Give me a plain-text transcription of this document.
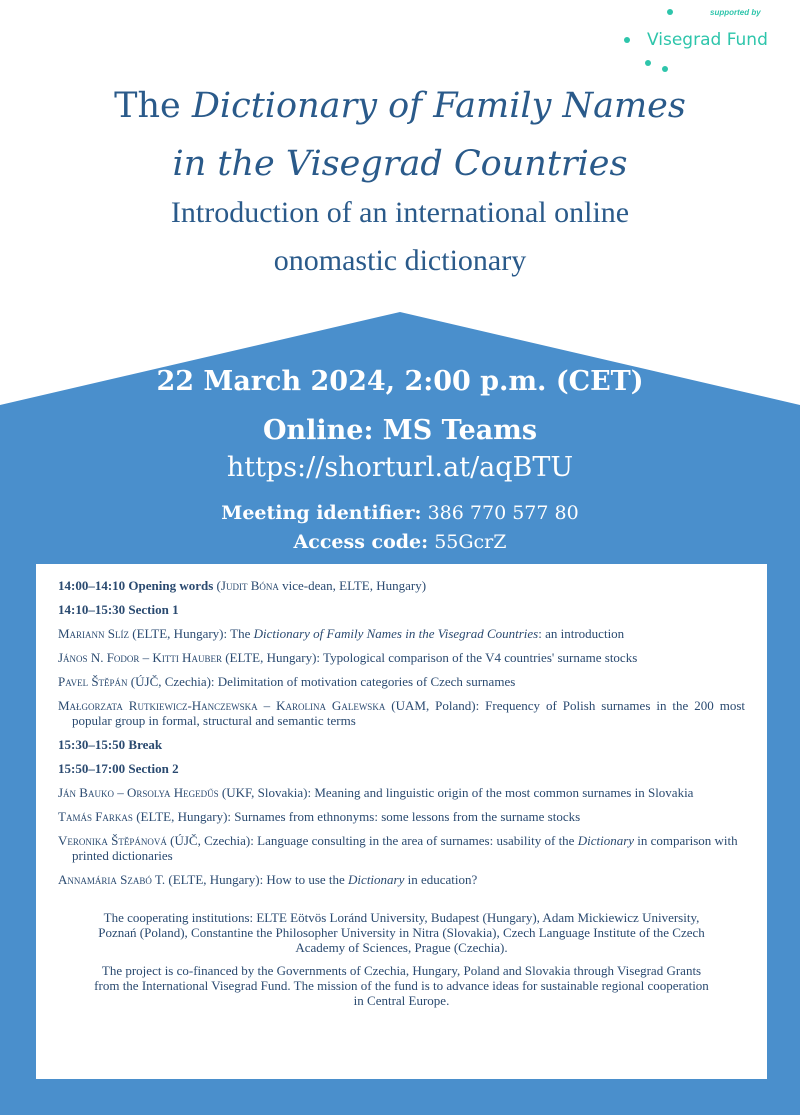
supported by
Visegrad Fund
The Dictionary of Family Names
in the Visegrad Countries
Introduction of an international online
onomastic dictionary
22 March 2024, 2:00 p.m. (CET)
Online: MS Teams
https://shorturl.at/aqBTU
Meeting identifier: 386 770 577 80
Access code: 55GcrZ

14:00–14:10 Opening words (Judit Bóna vice-dean, ELTE, Hungary)

14:10–15:30 Section 1

Mariann Slíz (ELTE, Hungary): The Dictionary of Family Names in the Visegrad Countries: an introduction

János N. Fodor – Kitti Hauber (ELTE, Hungary): Typological comparison of the V4 countries' surname stocks

Pavel Štěpán (ÚJČ, Czechia): Delimitation of motivation categories of Czech surnames

Małgorzata Rutkiewicz-Hanczewska – Karolina Galewska (UAM, Poland): Frequency of Polish surnames in the 200 most popular group in formal, structural and semantic terms

15:30–15:50 Break

15:50–17:00 Section 2

Ján Bauko – Orsolya Hegedűs (UKF, Slovakia): Meaning and linguistic origin of the most common surnames in Slovakia

Tamás Farkas (ELTE, Hungary): Surnames from ethnonyms: some lessons from the surname stocks

Veronika Štěpánová (ÚJČ, Czechia): Language consulting in the area of surnames: usability of the Dictionary in comparison with printed dictionaries

Annamária Szabó T. (ELTE, Hungary): How to use the Dictionary in education?

The cooperating institutions: ELTE Eötvös Loránd University, Budapest (Hungary), Adam Mickiewicz University, Poznań (Poland), Constantine the Philosopher University in Nitra (Slovakia), Czech Language Institute of the Czech Academy of Sciences, Prague (Czechia).

The project is co-financed by the Governments of Czechia, Hungary, Poland and Slovakia through Visegrad Grants from the International Visegrad Fund. The mission of the fund is to advance ideas for sustainable regional cooperation in Central Europe.
